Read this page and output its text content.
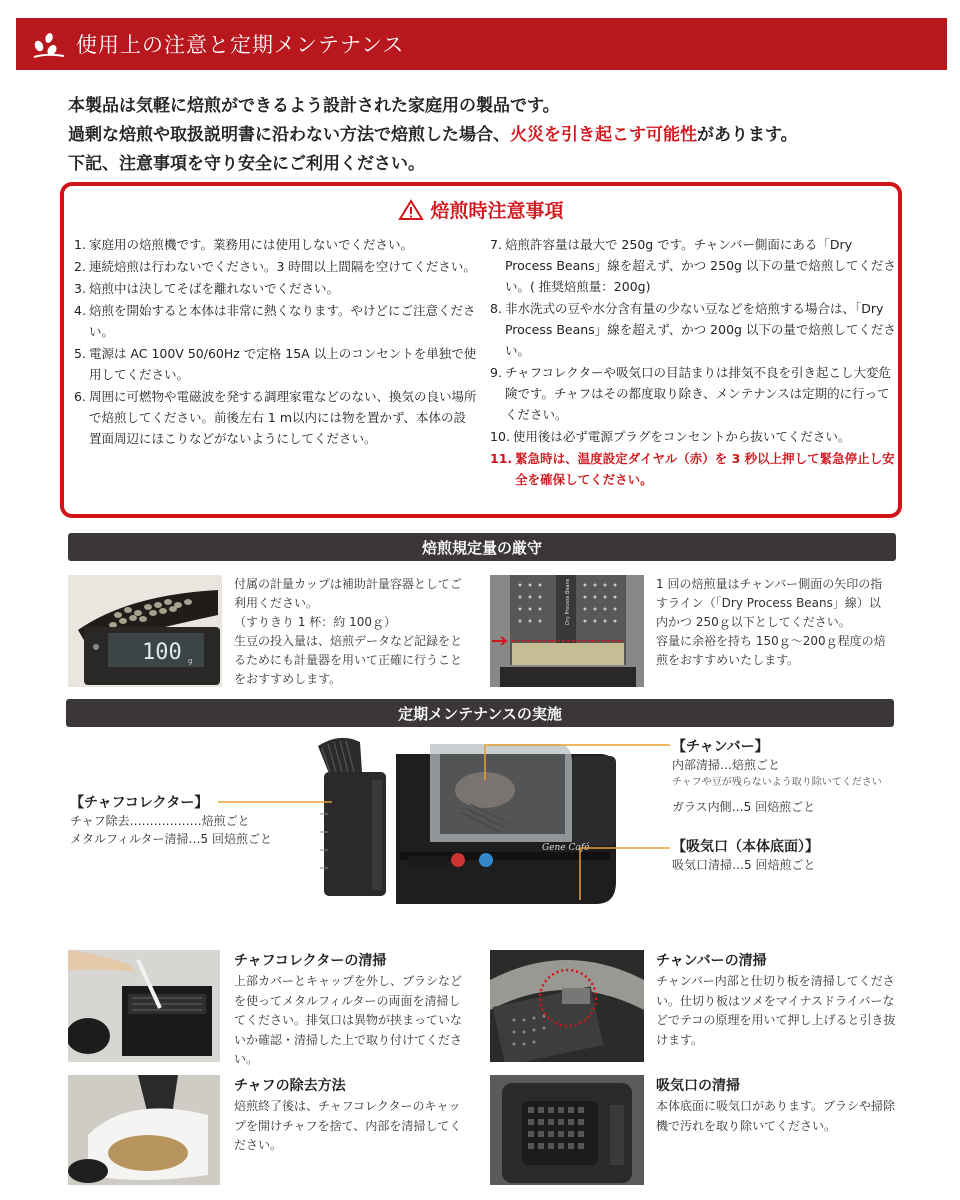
使用上の注意と定期メンテナンス
本製品は気軽に焙煎ができるよう設計された家庭用の製品です。
過剰な焙煎や取扱説明書に沿わない方法で焙煎した場合、火災を引き起こす可能性があります。
下記、注意事項を守り安全にご利用ください。
焙煎時注意事項
1. 家庭用の焙煎機です。業務用には使用しないでください。
2. 連続焙煎は行わないでください。3 時間以上間隔を空けてください。
3. 焙煎中は決してそばを離れないでください。
4. 焙煎を開始すると本体は非常に熱くなります。やけどにご注意ください。
5. 電源は AC 100V 50/60Hz で定格 15A 以上のコンセントを単独で使用してください。
6. 周囲に可燃物や電磁波を発する調理家電などのない、換気の良い場所で焙煎してください。前後左右 1 m以内には物を置かず、本体の設置面周辺にほこりなどがないようにしてください。
7. 焙煎許容量は最大で 250g です。チャンバー側面にある「Dry Process Beans」線を超えず、かつ 250g 以下の量で焙煎してください。( 推奨焙煎量：200g)
8. 非水洗式の豆や水分含有量の少ない豆などを焙煎する場合は、「Dry Process Beans」線を超えず、かつ 200g 以下の量で焙煎してください。
9. チャフコレクターや吸気口の目詰まりは排気不良を引き起こし大変危険です。チャフはその都度取り除き、メンテナンスは定期的に行ってください。
10. 使用後は必ず電源プラグをコンセントから抜いてください。
11. 緊急時は、温度設定ダイヤル（赤）を 3 秒以上押して緊急停止し安全を確保してください。
焙煎規定量の厳守
100 g
付属の計量カップは補助計量容器としてご利用ください。
（すりきり 1 杯：約 100ｇ）
生豆の投入量は、焙煎データなど記録をとるためにも計量器を用いて正確に行うことをおすすめします。
Dry Process Beans	1 回の焙煎量はチャンバー側面の矢印の指すライン（「Dry Process Beans」線）以内かつ 250ｇ以下としてください。
容量に余裕を持ち 150ｇ～200ｇ程度の焙煎をおすすめいたします。
定期メンテナンスの実施
Gene Café
【チャフコレクター】
チャフ除去………………焙煎ごと
メタルフィルター清掃…5 回焙煎ごと
【チャンバー】
内部清掃…焙煎ごと
チャフや豆が残らないよう取り除いてください
ガラス内側…5 回焙煎ごと
【吸気口（本体底面）】
吸気口清掃…5 回焙煎ごと
チャフコレクターの清掃
上部カバーとキャップを外し、ブラシなどを使ってメタルフィルターの両面を清掃してください。排気口は異物が挟まっていないか確認・清掃した上で取り付けてください。
チャンバーの清掃
チャンバー内部と仕切り板を清掃してください。仕切り板はツメをマイナスドライバーなどでテコの原理を用いて押し上げると引き抜けます。
チャフの除去方法
焙煎終了後は、チャフコレクターのキャップを開けチャフを捨て、内部を清掃してください。
吸気口の清掃
本体底面に吸気口があります。ブラシや掃除機で汚れを取り除いてください。
